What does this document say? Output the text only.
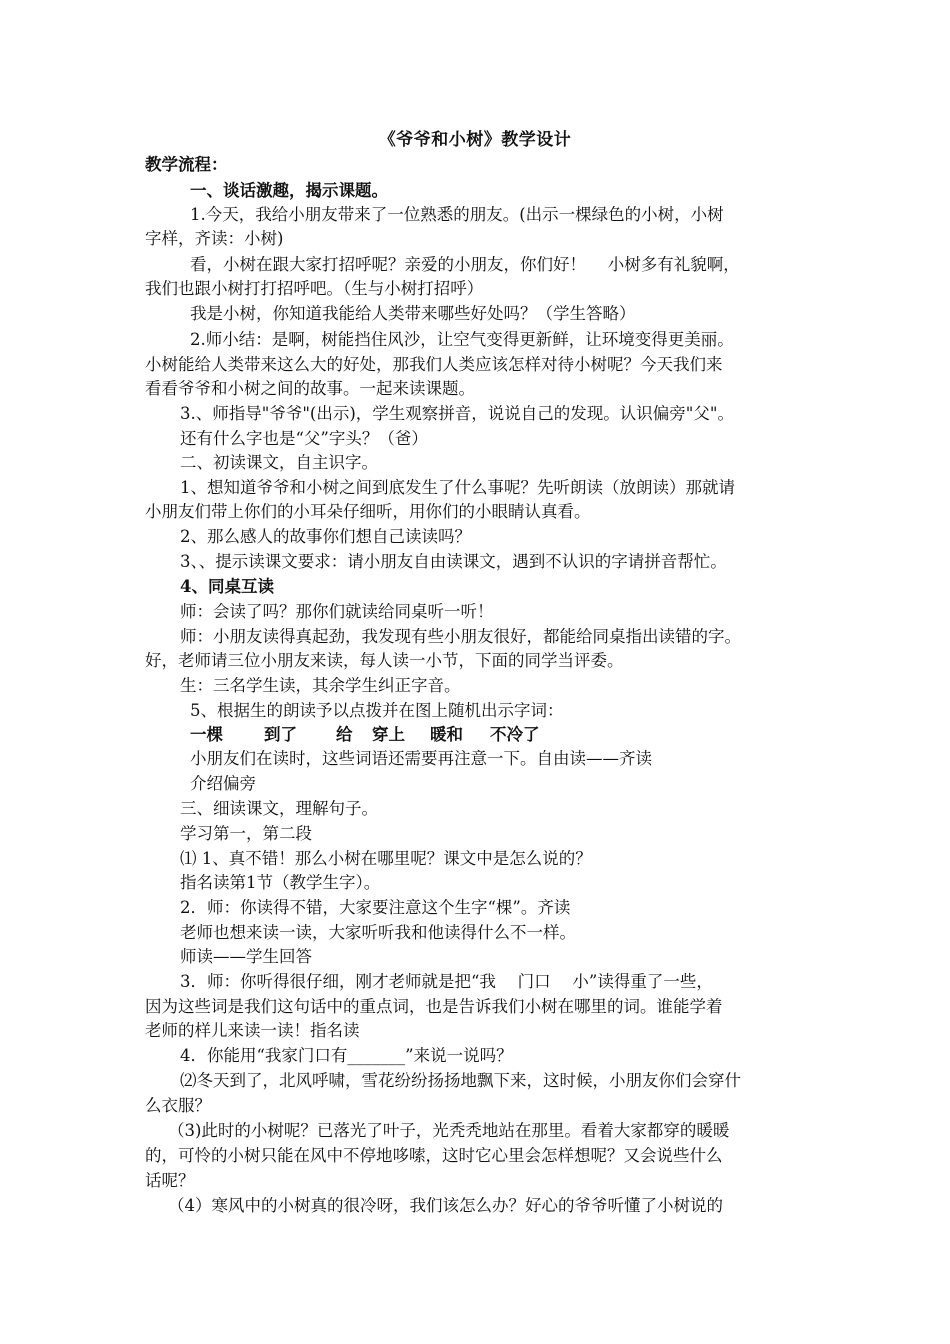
《爷爷和小树》教学设计
教学流程：
一、谈话激趣，揭示课题。
1.今天，我给小朋友带来了一位熟悉的朋友。(出示一棵绿色的小树，小树
字样，齐读：小树)
看，小树在跟大家打招呼呢？亲爱的小朋友，你们好！　 小树多有礼貌啊，
我们也跟小树打打招呼吧。（生与小树打招呼）
我是小树，你知道我能给人类带来哪些好处吗？（学生答略）
2.师小结：是啊，树能挡住风沙，让空气变得更新鲜，让环境变得更美丽。
小树能给人类带来这么大的好处，那我们人类应该怎样对待小树呢？今天我们来
看看爷爷和小树之间的故事。一起来读课题。
3.、师指导"爷爷"(出示)，学生观察拼音，说说自己的发现。认识偏旁"父"。
还有什么字也是“父”字头？（爸）
二、初读课文，自主识字。
1、想知道爷爷和小树之间到底发生了什么事呢？先听朗读（放朗读）那就请
小朋友们带上你们的小耳朵仔细听，用你们的小眼睛认真看。
2、那么感人的故事你们想自己读读吗？
3、、提示读课文要求：请小朋友自由读课文，遇到不认识的字请拼音帮忙。
4、同桌互读
师：会读了吗？那你们就读给同桌听一听！
师：小朋友读得真起劲，我发现有些小朋友很好，都能给同桌指出读错的字。
好，老师请三位小朋友来读，每人读一小节，下面的同学当评委。
生：三名学生读，其余学生纠正字音。
5、根据生的朗读予以点拨并在图上随机出示字词：
一棵 到了 给 穿上 暖和 不冷了
小朋友们在读时，这些词语还需要再注意一下。自由读——齐读
介绍偏旁
三、细读课文，理解句子。
学习第一，第二段
⑴ 1、真不错！那么小树在哪里呢？课文中是怎么说的？
指名读第1节（教学生字）。
2．师：你读得不错，大家要注意这个生字“棵”。齐读
老师也想来读一读，大家听听我和他读得什么不一样。
师读——学生回答
3．师：你听得很仔细，刚才老师就是把“我　 门口　 小”读得重了一些，
因为这些词是我们这句话中的重点词，也是告诉我们小树在哪里的词。谁能学着
老师的样儿来读一读！指名读
4．你能用“我家门口有_______”来说一说吗？
⑵冬天到了，北风呼啸，雪花纷纷扬扬地飘下来，这时候，小朋友你们会穿什
么衣服？
（3)此时的小树呢？已落光了叶子，光秃秃地站在那里。看着大家都穿的暖暖
的，可怜的小树只能在风中不停地哆嗦，这时它心里会怎样想呢？又会说些什么
话呢？
（4）寒风中的小树真的很冷呀，我们该怎么办？好心的爷爷听懂了小树说的
